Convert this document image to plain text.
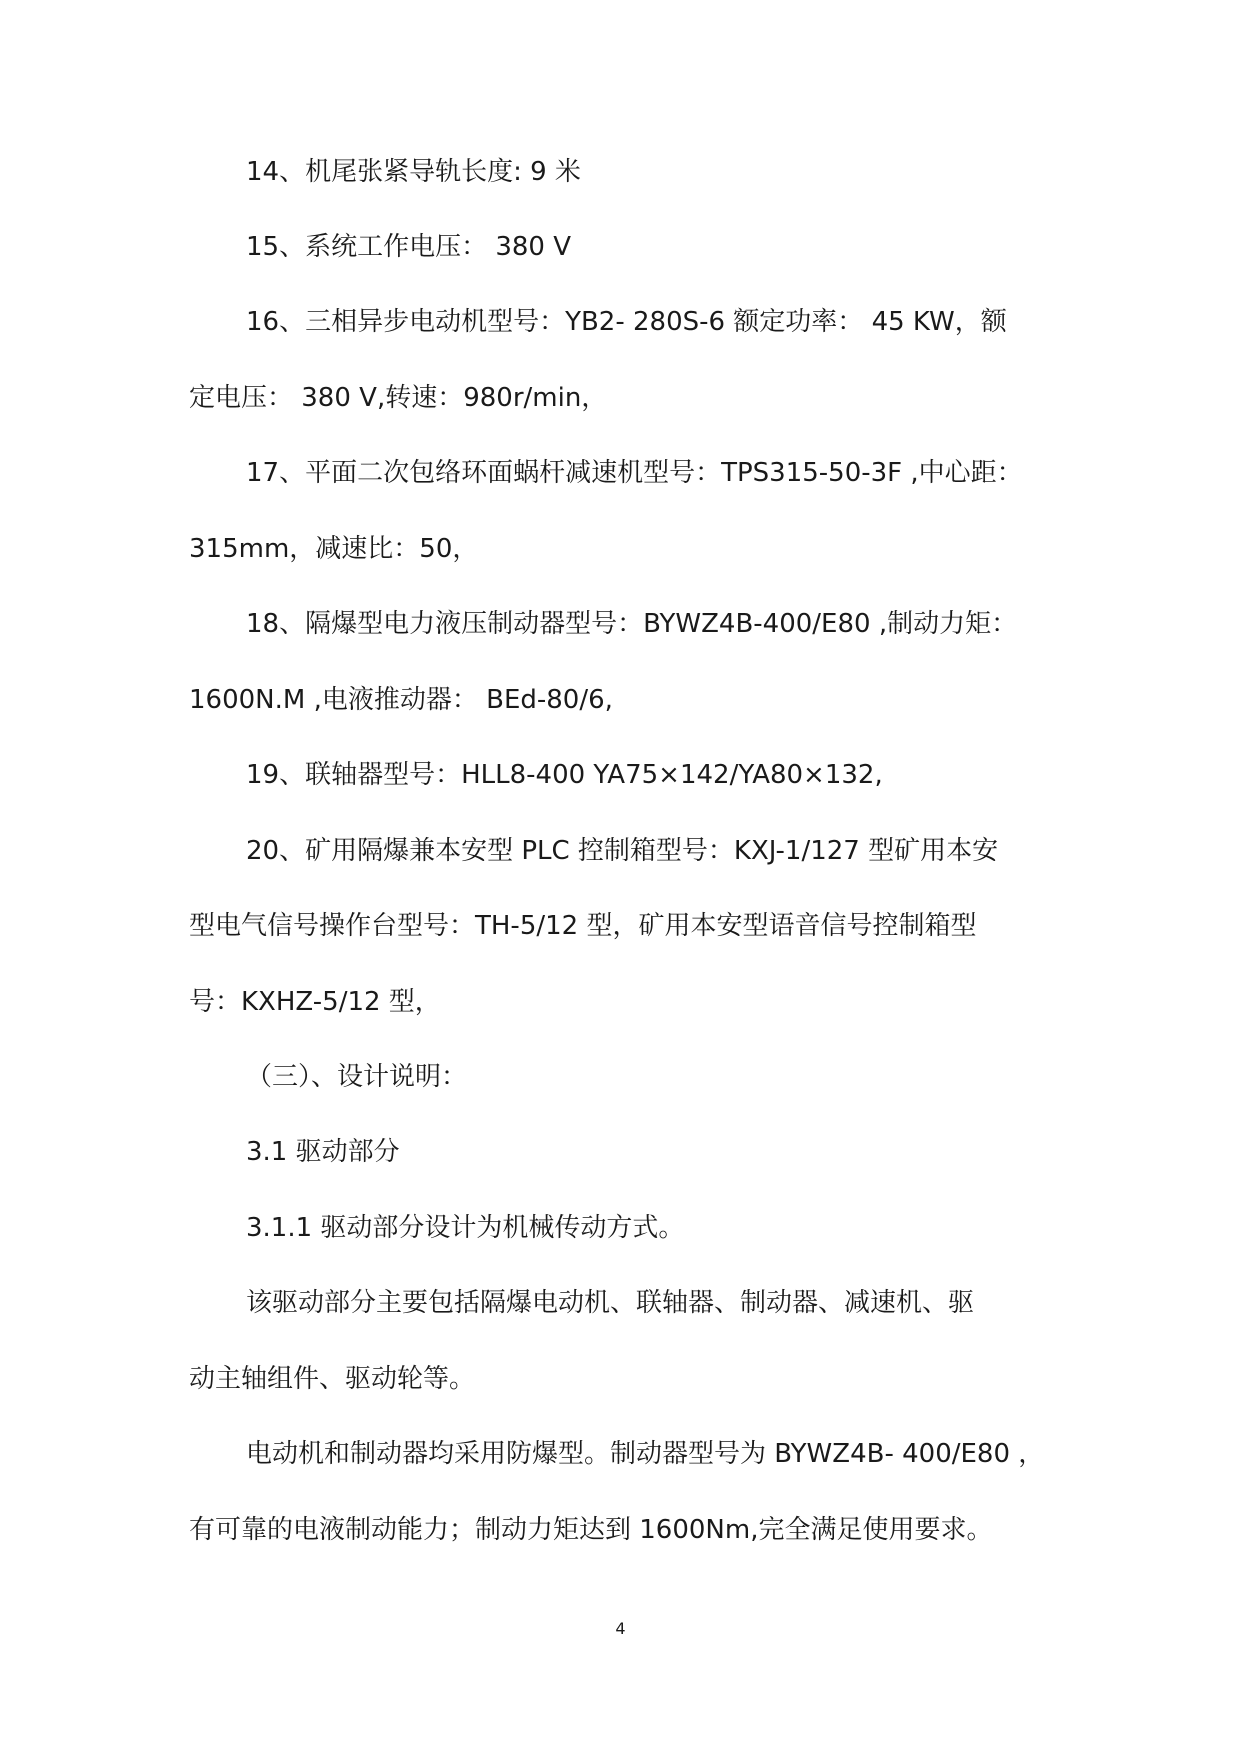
14、机尾张紧导轨长度: 9 米
15、系统工作电压： 380 V
16、三相异步电动机型号：YB2- 280S-6 额定功率： 45 KW，额
定电压： 380 V,转速：980r/min，
17、平面二次包络环面蜗杆减速机型号：TPS315-50-3F ,中心距：
315mm，减速比：50，
18、隔爆型电力液压制动器型号：BYWZ4B-400/E80 ,制动力矩：
1600N.M ,电液推动器： BEd-80/6,
19、联轴器型号：HLL8-400 YA75×142/YA80×132,
20、矿用隔爆兼本安型 PLC 控制箱型号：KXJ-1/127 型矿用本安
型电气信号操作台型号：TH-5/12 型，矿用本安型语音信号控制箱型
号：KXHZ-5/12 型，
（三）、设计说明：
3.1 驱动部分
3.1.1 驱动部分设计为机械传动方式。
该驱动部分主要包括隔爆电动机、联轴器、制动器、减速机、驱
动主轴组件、驱动轮等。
电动机和制动器均采用防爆型。制动器型号为 BYWZ4B- 400/E80 ，
有可靠的电液制动能力；制动力矩达到 1600Nm,完全满足使用要求。
4
